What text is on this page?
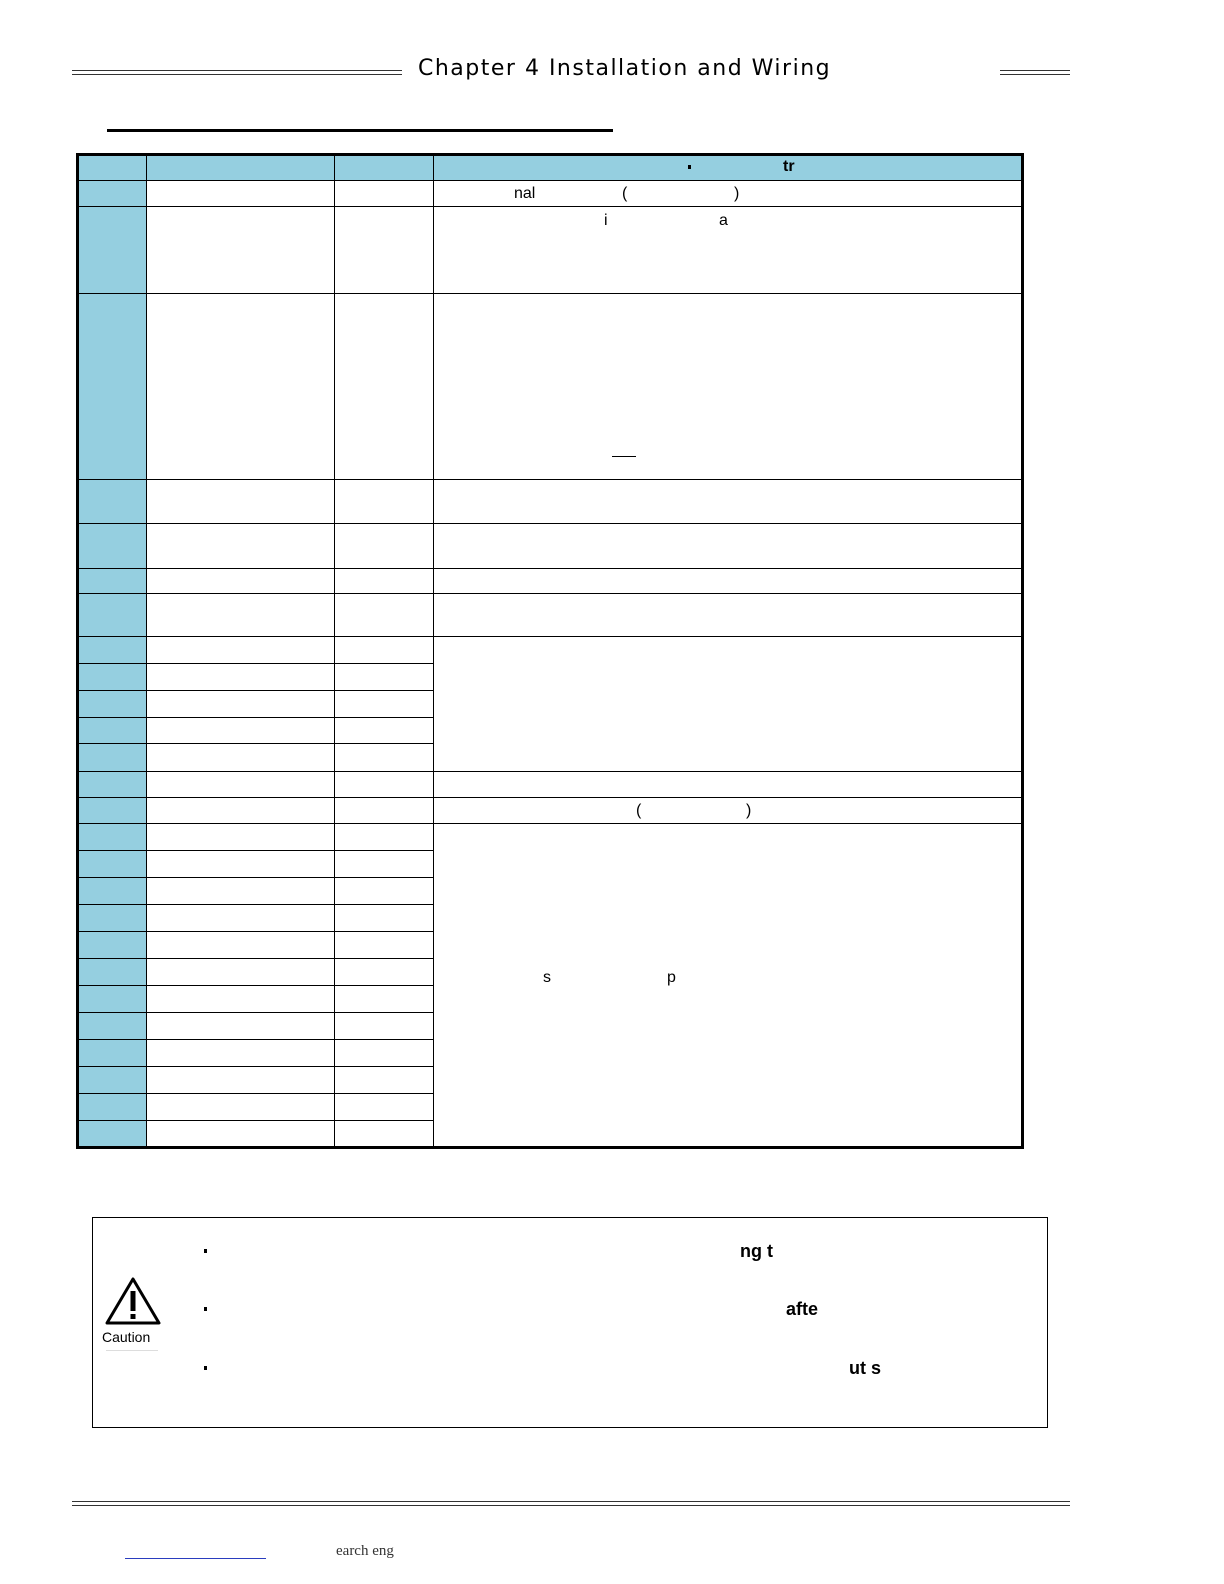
Chapter 4 Installation and Wiring

tr
nal	(	)
i	a
(	)
s	p
Caution
ng t
afte
ut s
earch eng
